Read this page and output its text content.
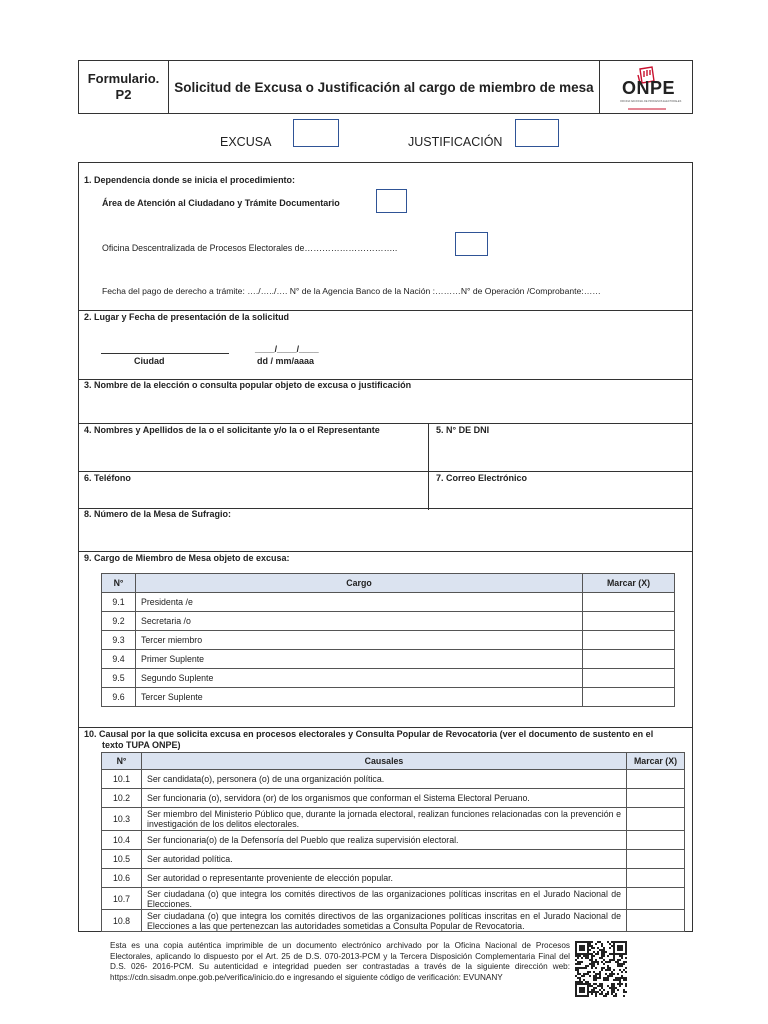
Formulario.
P2	Solicitud de Excusa o Justificación al cargo de miembro de mesa	ONPE
OFICINA NACIONAL DE PROCESOS ELECTORALES
EXCUSA	JUSTIFICACIÓN
1. Dependencia donde se inicia el procedimiento:
Área de Atención al Ciudadano y Trámite Documentario
Oficina Descentralizada de Procesos Electorales de…………………………..
Fecha del pago de derecho a trámite: …./…../…. N° de la Agencia Banco de la Nación :………N° de Operación /Comprobante:……
2. Lugar y Fecha de presentación de la solicitud
____/____/____
Ciudad	dd / mm/aaaa
3. Nombre de la elección o consulta popular objeto de excusa o justificación
4. Nombres y Apellidos de la o el solicitante y/o la o el Representante	5. N° DE DNI
6. Teléfono	7. Correo Electrónico
8. Número de la Mesa de Sufragio:
9. Cargo de Miembro de Mesa objeto de excusa:
N°	Cargo	Marcar (X)
9.1	Presidenta /e	
9.2	Secretaria /o	
9.3	Tercer miembro	
9.4	Primer Suplente	
9.5	Segundo Suplente	
9.6	Tercer Suplente	
10. Causal por la que solicita excusa en procesos electorales y Consulta Popular de Revocatoria (ver el documento de sustento en el
texto TUPA ONPE)
N°	Causales	Marcar (X)
10.1	Ser candidata(o), personera (o) de una organización política.	
10.2	Ser funcionaria (o), servidora (or) de los organismos que conforman el Sistema Electoral Peruano.	
10.3	Ser miembro del Ministerio Público que, durante la jornada electoral, realizan funciones relacionadas con la prevención e investigación de los delitos electorales.	
10.4	Ser funcionaria(o) de la Defensoría del Pueblo que realiza supervisión electoral.	
10.5	Ser autoridad política.	
10.6	Ser autoridad o representante proveniente de elección popular.	
10.7	Ser ciudadana (o) que integra los comités directivos de las organizaciones políticas inscritas en el Jurado Nacional de Elecciones.	
10.8	Ser ciudadana (o) que integra los comités directivos de las organizaciones políticas inscritas en el Jurado Nacional de Elecciones a las que pertenezcan las autoridades sometidas a Consulta Popular de Revocatoria.	
Esta es una copia auténtica imprimible de un documento electrónico archivado por la Oficina Nacional de Procesos Electorales, aplicando lo dispuesto por el Art. 25 de D.S. 070-2013-PCM y la Tercera Disposición Complementaria Final del D.S. 026- 2016-PCM. Su autenticidad e integridad pueden ser contrastadas a través de la siguiente dirección web: https://cdn.sisadm.onpe.gob.pe/verifica/inicio.do e ingresando el siguiente código de verificación: EVUNANY
